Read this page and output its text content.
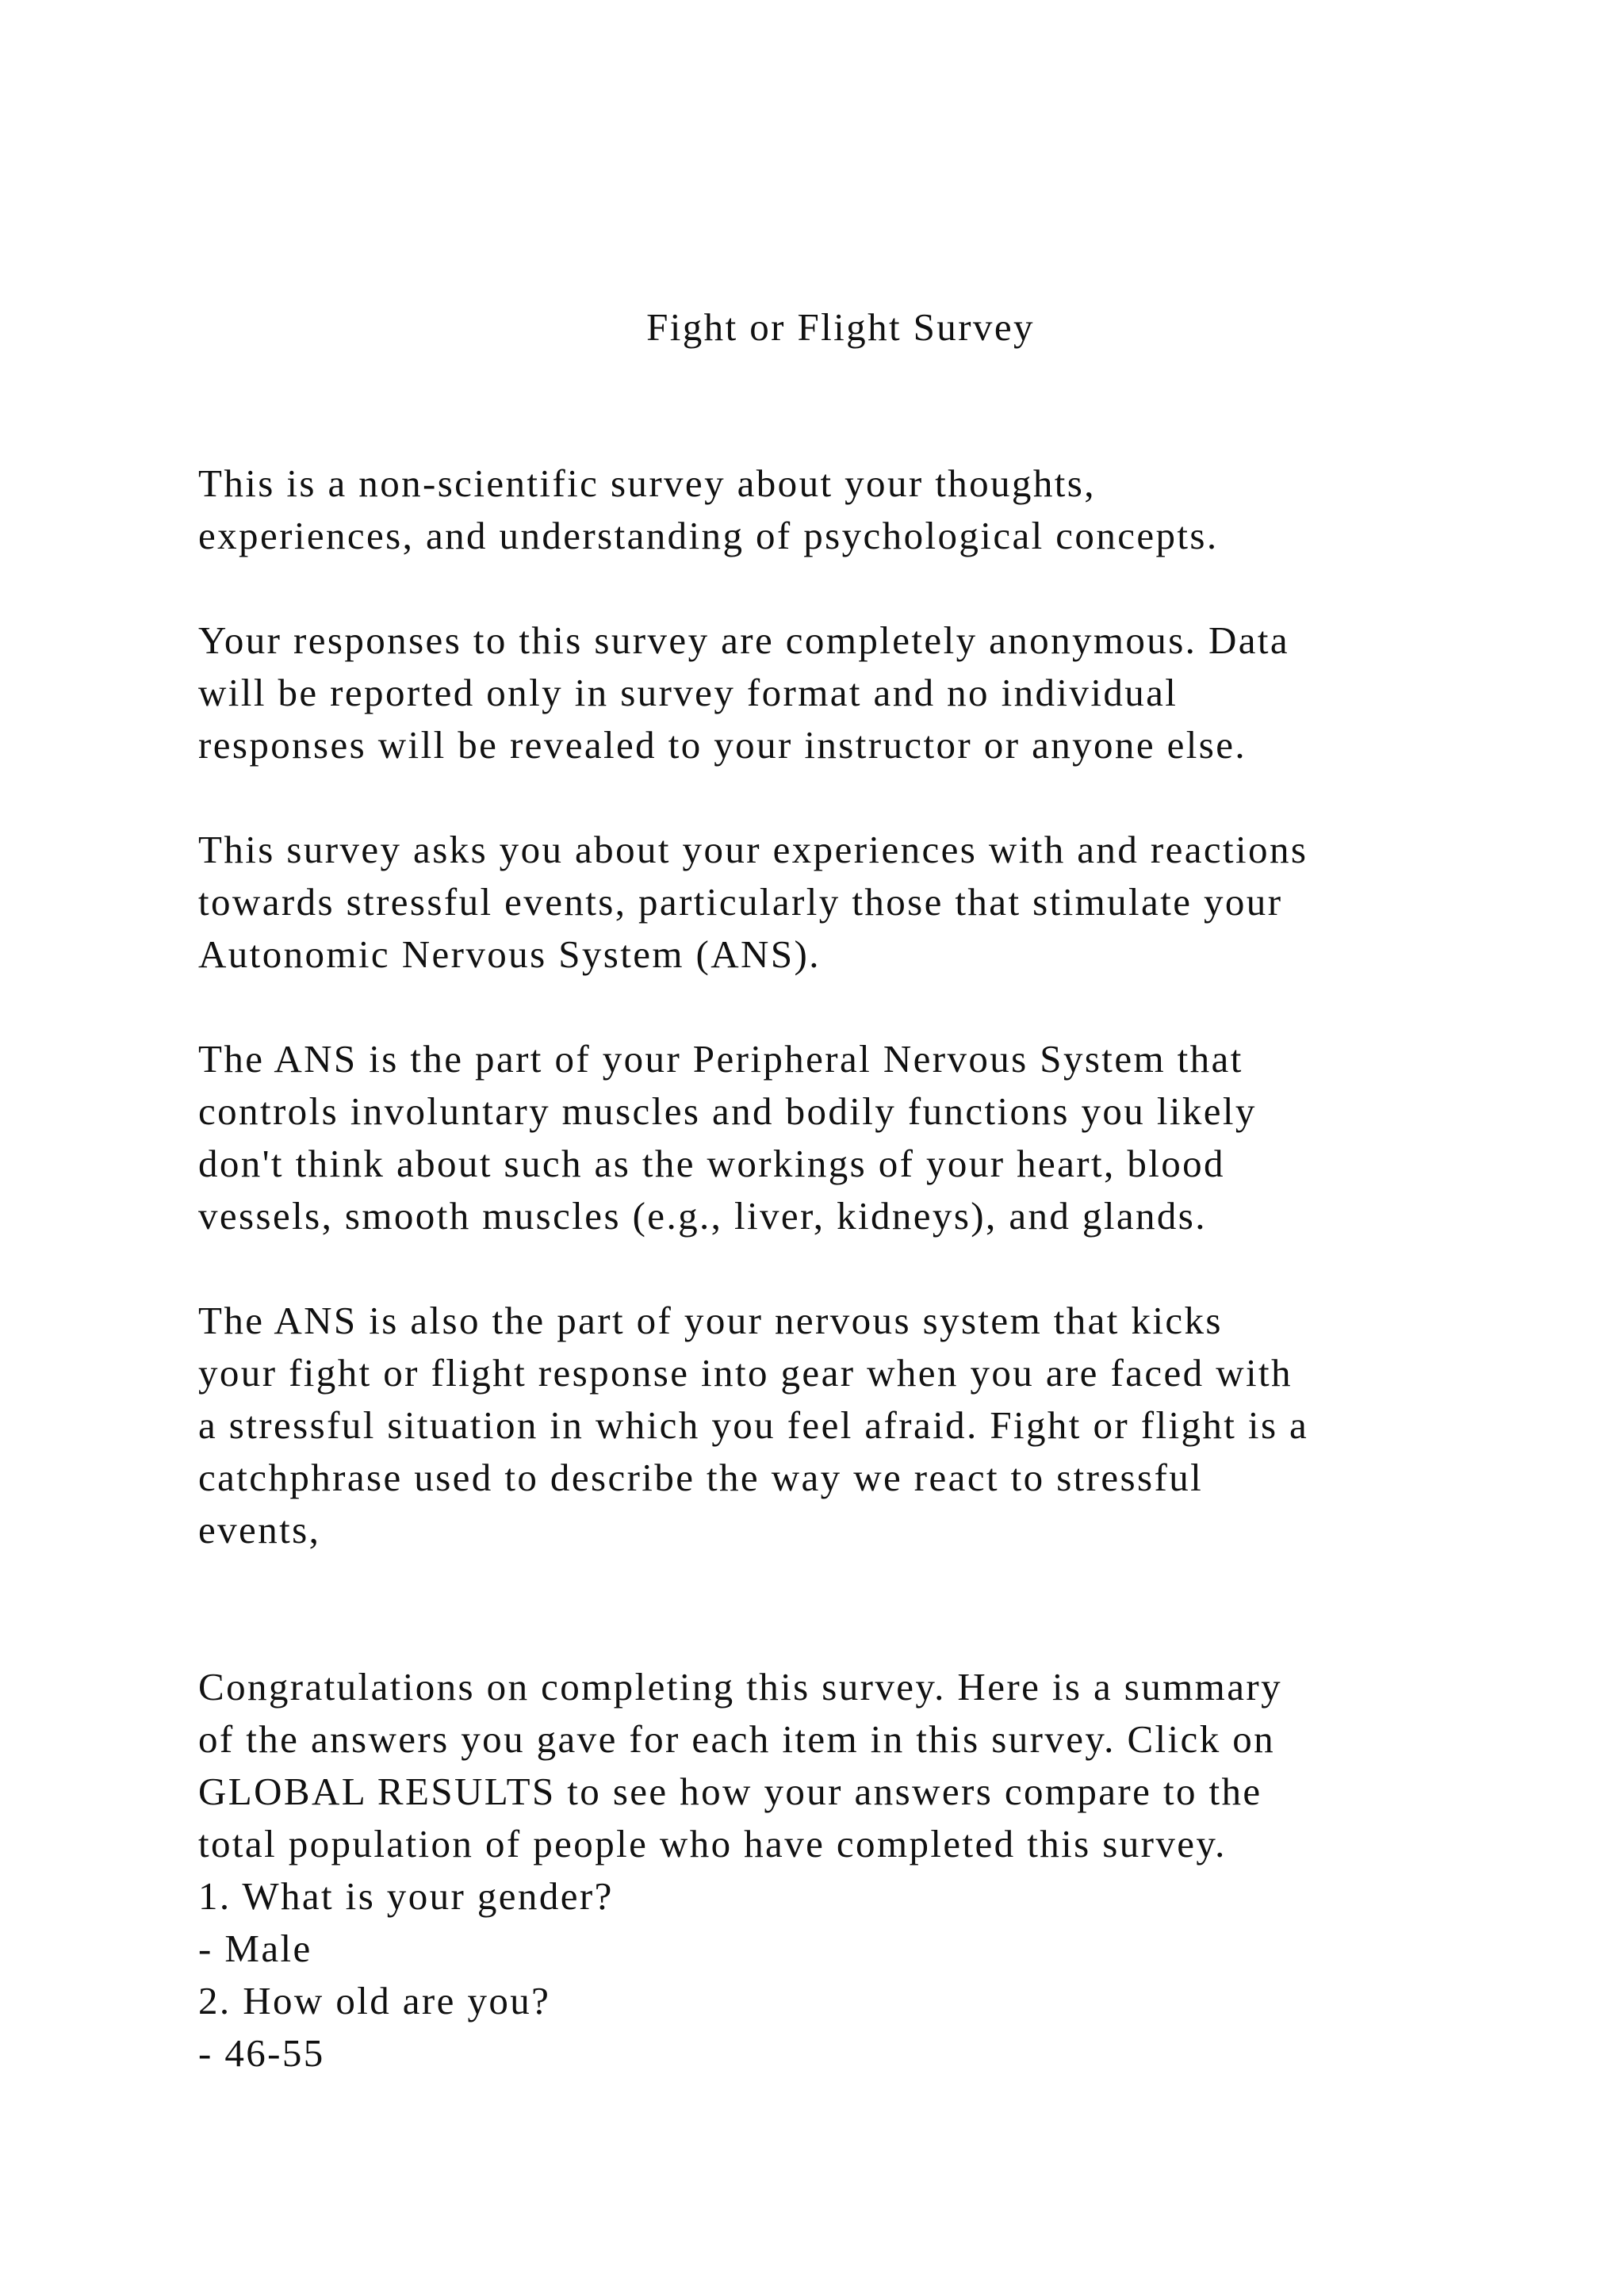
Fight or Flight Survey
This is a non-scientific survey about your thoughts,
experiences, and understanding of psychological concepts.
Your responses to this survey are completely anonymous. Data
will be reported only in survey format and no individual
responses will be revealed to your instructor or anyone else.
This survey asks you about your experiences with and reactions
towards stressful events, particularly those that stimulate your
Autonomic Nervous System (ANS).
The ANS is the part of your Peripheral Nervous System that
controls involuntary muscles and bodily functions you likely
don't think about such as the workings of your heart, blood
vessels, smooth muscles (e.g., liver, kidneys), and glands.
The ANS is also the part of your nervous system that kicks
your fight or flight response into gear when you are faced with
a stressful situation in which you feel afraid. Fight or flight is a
catchphrase used to describe the way we react to stressful
events,
Congratulations on completing this survey. Here is a summary
of the answers you gave for each item in this survey. Click on
GLOBAL RESULTS to see how your answers compare to the
total population of people who have completed this survey.
1. What is your gender?
- Male
2. How old are you?
- 46-55
